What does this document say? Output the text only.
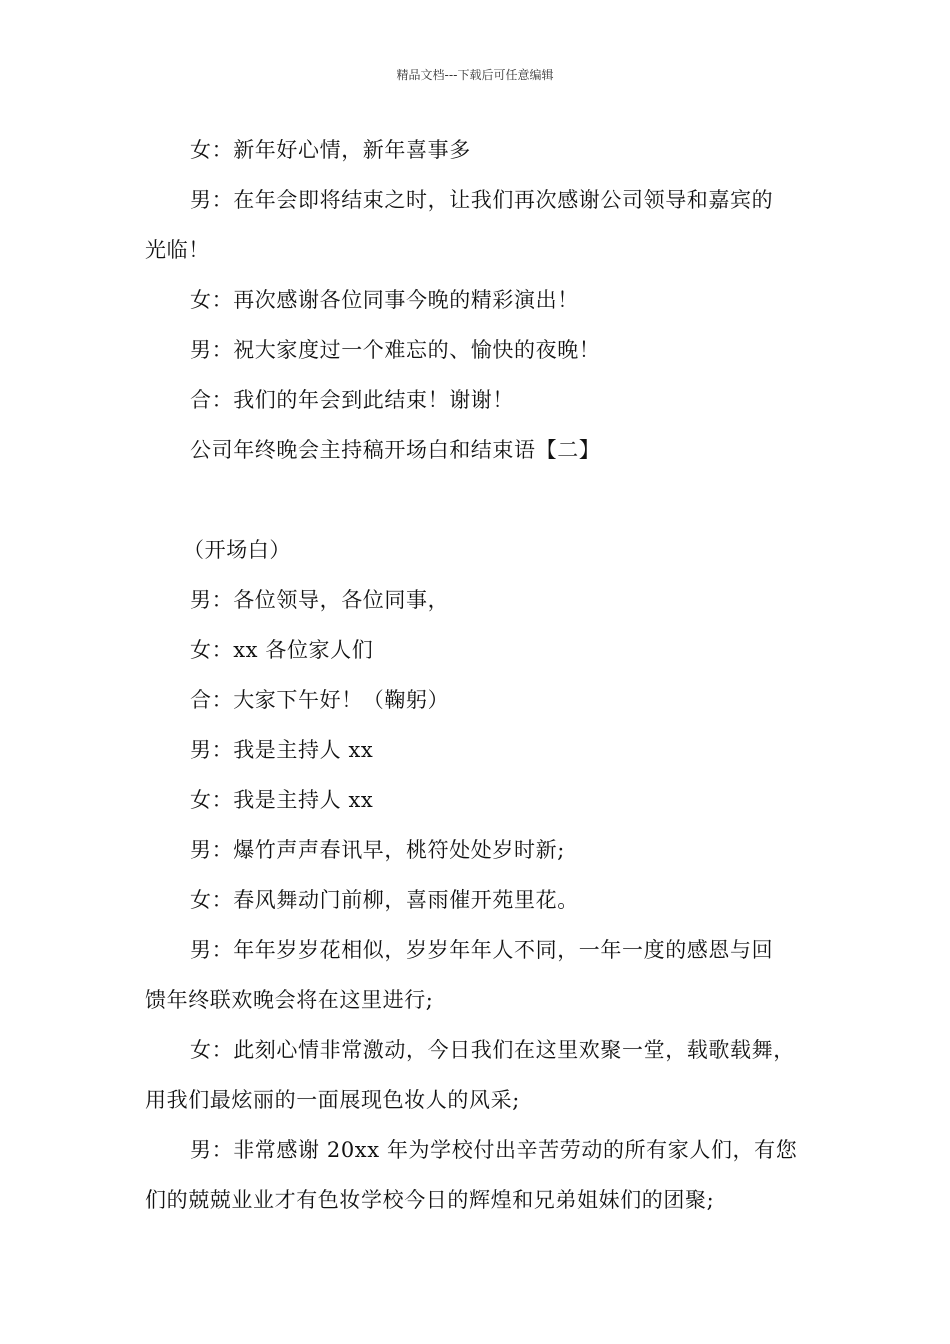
精品文档---下载后可任意编辑
女：新年好心情，新年喜事多
男：在年会即将结束之时，让我们再次感谢公司领导和嘉宾的
光临！
女：再次感谢各位同事今晚的精彩演出！
男：祝大家度过一个难忘的、愉快的夜晚！
合：我们的年会到此结束！谢谢！
公司年终晚会主持稿开场白和结束语【二】
（开场白）
男：各位领导，各位同事，
女：xx 各位家人们
合：大家下午好！（鞠躬）
男：我是主持人 xx
女：我是主持人 xx
男：爆竹声声春讯早，桃符处处岁时新;
女：春风舞动门前柳，喜雨催开苑里花。
男：年年岁岁花相似，岁岁年年人不同，一年一度的感恩与回
馈年终联欢晚会将在这里进行;
女：此刻心情非常激动，今日我们在这里欢聚一堂，载歌载舞，
用我们最炫丽的一面展现色妆人的风采;
男：非常感谢 20xx 年为学校付出辛苦劳动的所有家人们，有您
们的兢兢业业才有色妆学校今日的辉煌和兄弟姐妹们的团聚;
